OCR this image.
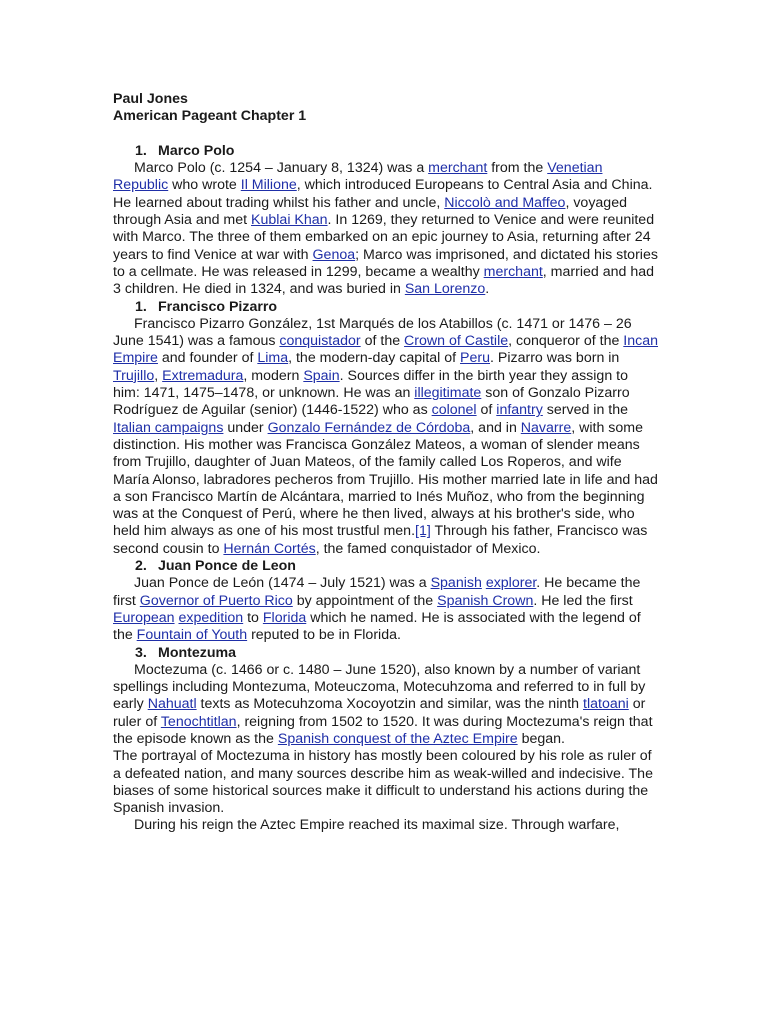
Paul Jones

American Pageant Chapter 1

1. Marco Polo

Marco Polo (c. 1254 – January 8, 1324) was a merchant from the Venetian Republic who wrote Il Milione, which introduced Europeans to Central Asia and China. He learned about trading whilst his father and uncle, Niccolò and Maffeo, voyaged through Asia and met Kublai Khan. In 1269, they returned to Venice and were reunited with Marco. The three of them embarked on an epic journey to Asia, returning after 24 years to find Venice at war with Genoa; Marco was imprisoned, and dictated his stories to a cellmate. He was released in 1299, became a wealthy merchant, married and had 3 children. He died in 1324, and was buried in San Lorenzo.

1. Francisco Pizarro

Francisco Pizarro González, 1st Marqués de los Atabillos (c. 1471 or 1476 – 26 June 1541) was a famous conquistador of the Crown of Castile, conqueror of the Incan Empire and founder of Lima, the modern-day capital of Peru. Pizarro was born in Trujillo, Extremadura, modern Spain. Sources differ in the birth year they assign to him: 1471, 1475–1478, or unknown. He was an illegitimate son of Gonzalo Pizarro Rodríguez de Aguilar (senior) (1446-1522) who as colonel of infantry served in the Italian campaigns under Gonzalo Fernández de Córdoba, and in Navarre, with some distinction. His mother was Francisca González Mateos, a woman of slender means from Trujillo, daughter of Juan Mateos, of the family called Los Roperos, and wife María Alonso, labradores pecheros from Trujillo. His mother married late in life and had a son Francisco Martín de Alcántara, married to Inés Muñoz, who from the beginning was at the Conquest of Perú, where he then lived, always at his brother's side, who held him always as one of his most trustful men.[1] Through his father, Francisco was second cousin to Hernán Cortés, the famed conquistador of Mexico.

2. Juan Ponce de Leon

Juan Ponce de León (1474 – July 1521) was a Spanish explorer. He became the first Governor of Puerto Rico by appointment of the Spanish Crown. He led the first European expedition to Florida which he named. He is associated with the legend of the Fountain of Youth reputed to be in Florida.

3. Montezuma

Moctezuma (c. 1466 or c. 1480 – June 1520), also known by a number of variant spellings including Montezuma, Moteuczoma, Motecuhzoma and referred to in full by early Nahuatl texts as Motecuhzoma Xocoyotzin and similar, was the ninth tlatoani or ruler of Tenochtitlan, reigning from 1502 to 1520. It was during Moctezuma's reign that the episode known as the Spanish conquest of the Aztec Empire began.

The portrayal of Moctezuma in history has mostly been coloured by his role as ruler of a defeated nation, and many sources describe him as weak-willed and indecisive. The biases of some historical sources make it difficult to understand his actions during the Spanish invasion.

During his reign the Aztec Empire reached its maximal size. Through warfare,
